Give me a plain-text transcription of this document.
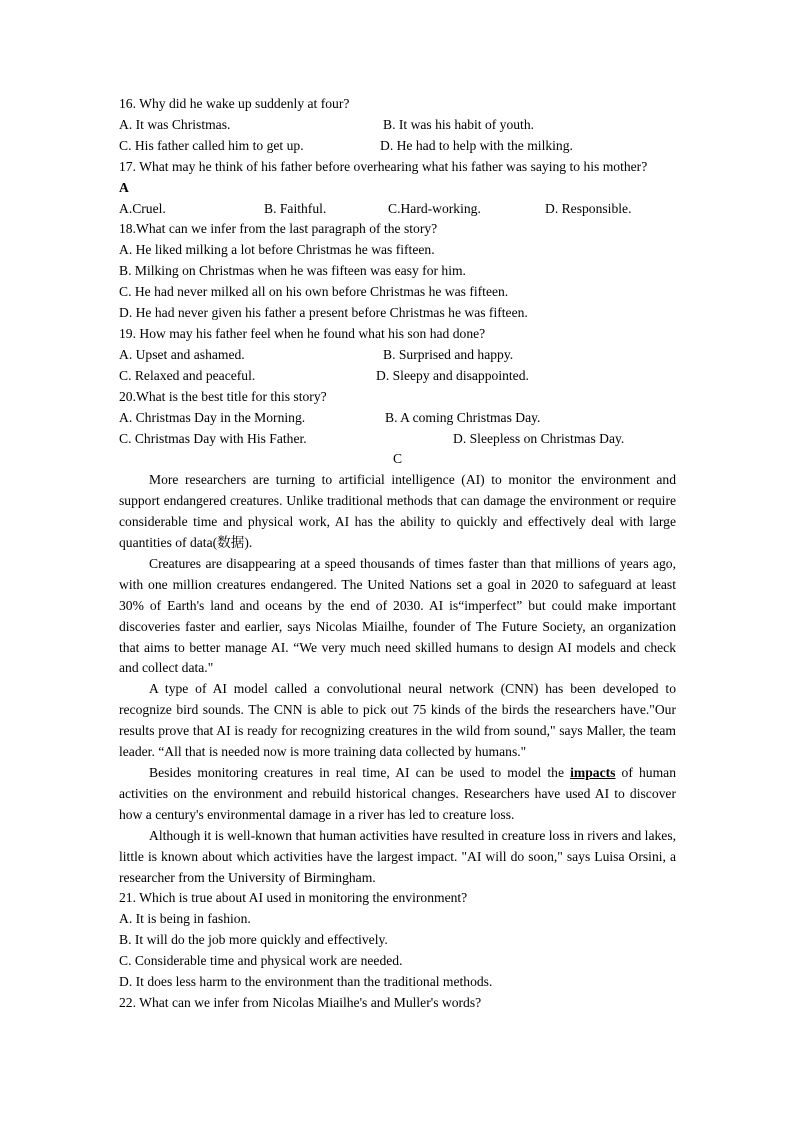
16. Why did he wake up suddenly at four?

A. It was Christmas.	B. It was his habit of youth.
C. His father called him to get up.	D. He had to help with the milking.

17. What may he think of his father before overhearing what his father was saying to his mother?

A

A.Cruel.	B. Faithful.	C.Hard-working.	D. Responsible.

18.What can we infer from the last paragraph of the story?

A. He liked milking a lot before Christmas he was fifteen.

B. Milking on Christmas when he was fifteen was easy for him.

C. He had never milked all on his own before Christmas he was fifteen.

D. He had never given his father a present before Christmas he was fifteen.

19. How may his father feel when he found what his son had done?

A. Upset and ashamed.	B. Surprised and happy.
C. Relaxed and peaceful.	D. Sleepy and disappointed.

20.What is the best title for this story?

A. Christmas Day in the Morning.	B. A coming Christmas Day.
C. Christmas Day with His Father.	D. Sleepless on Christmas Day.

C

More researchers are turning to artificial intelligence (AI) to monitor the environment and support endangered creatures. Unlike traditional methods that can damage the environment or require considerable time and physical work, AI has the ability to quickly and effectively deal with large quantities of data(数据).

Creatures are disappearing at a speed thousands of times faster than that millions of years ago, with one million creatures endangered. The United Nations set a goal in 2020 to safeguard at least 30% of Earth's land and oceans by the end of 2030. AI is“imperfect” but could make important discoveries faster and earlier, says Nicolas Miailhe, founder of The Future Society, an organization that aims to better manage AI. “We very much need skilled humans to design AI models and check and collect data."

A type of AI model called a convolutional neural network (CNN) has been developed to recognize bird sounds. The CNN is able to pick out 75 kinds of the birds the researchers have."Our results prove that AI is ready for recognizing creatures in the wild from sound," says Maller, the team leader. “All that is needed now is more training data collected by humans."

Besides monitoring creatures in real time, AI can be used to model the impacts of human activities on the environment and rebuild historical changes. Researchers have used AI to discover how a century's environmental damage in a river has led to creature loss.

Although it is well-known that human activities have resulted in creature loss in rivers and lakes, little is known about which activities have the largest impact. "AI will do soon," says Luisa Orsini, a researcher from the University of Birmingham.

21. Which is true about AI used in monitoring the environment?

A. It is being in fashion.

B. It will do the job more quickly and effectively.

C. Considerable time and physical work are needed.

D. It does less harm to the environment than the traditional methods.

22. What can we infer from Nicolas Miailhe's and Muller's words?
